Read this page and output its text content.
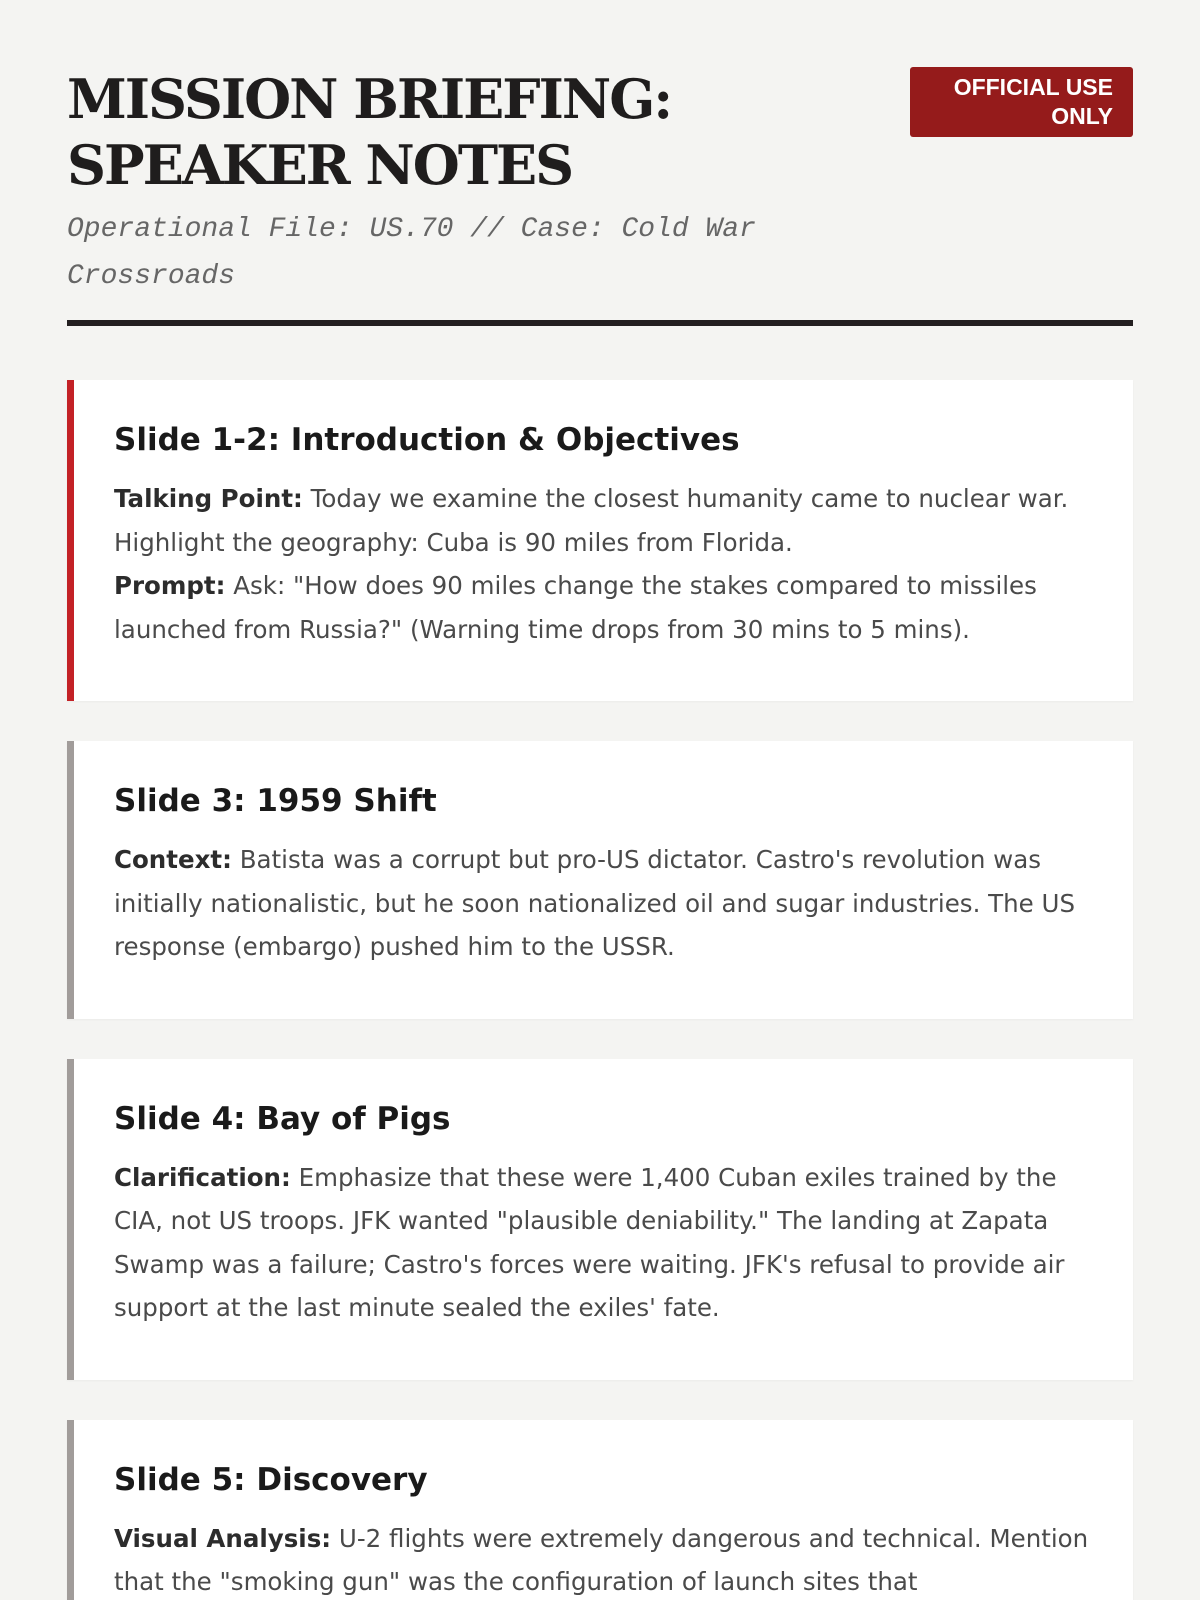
MISSION BRIEFING: SPEAKER NOTES
Operational File: US.70 // Case: Cold War Crossroads
OFFICIAL USE ONLY
Slide 1-2: Introduction & Objectives

Talking Point: Today we examine the closest humanity came to nuclear war. Highlight the geography: Cuba is 90 miles from Florida.

Prompt: Ask: "How does 90 miles change the stakes compared to missiles launched from Russia?" (Warning time drops from 30 mins to 5 mins).

Slide 3: 1959 Shift

Context: Batista was a corrupt but pro-US dictator. Castro's revolution was initially nationalistic, but he soon nationalized oil and sugar industries. The US response (embargo) pushed him to the USSR.

Slide 4: Bay of Pigs

Clarification: Emphasize that these were 1,400 Cuban exiles trained by the CIA, not US troops. JFK wanted "plausible deniability." The landing at Zapata Swamp was a failure; Castro's forces were waiting. JFK's refusal to provide air support at the last minute sealed the exiles' fate.

Slide 5: Discovery

Visual Analysis: U-2 flights were extremely dangerous and technical. Mention that the "smoking gun" was the configuration of launch sites that
